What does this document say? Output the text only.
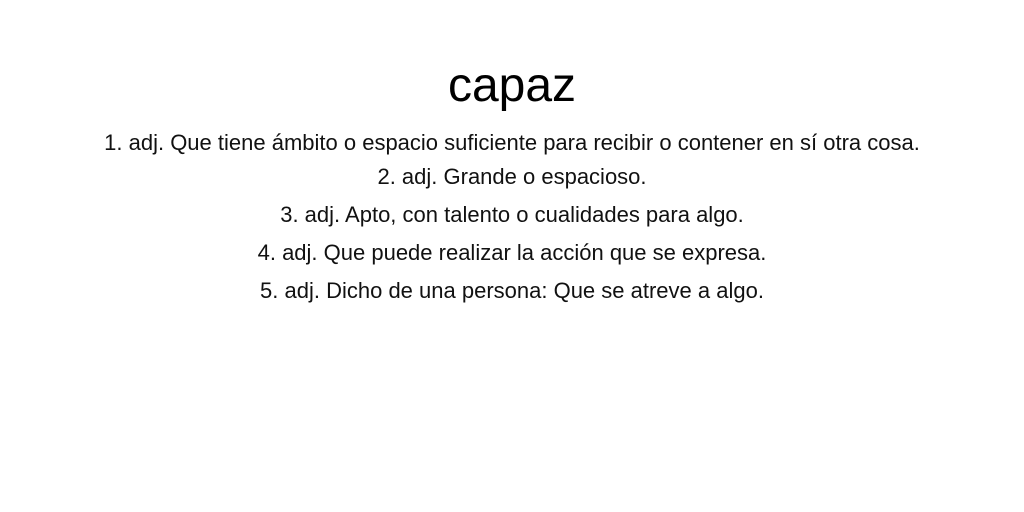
capaz
1. adj. Que tiene ámbito o espacio suficiente para recibir o contener en sí otra cosa.
2. adj. Grande o espacioso.
3. adj. Apto, con talento o cualidades para algo.
4. adj. Que puede realizar la acción que se expresa.
5. adj. Dicho de una persona: Que se atreve a algo.
